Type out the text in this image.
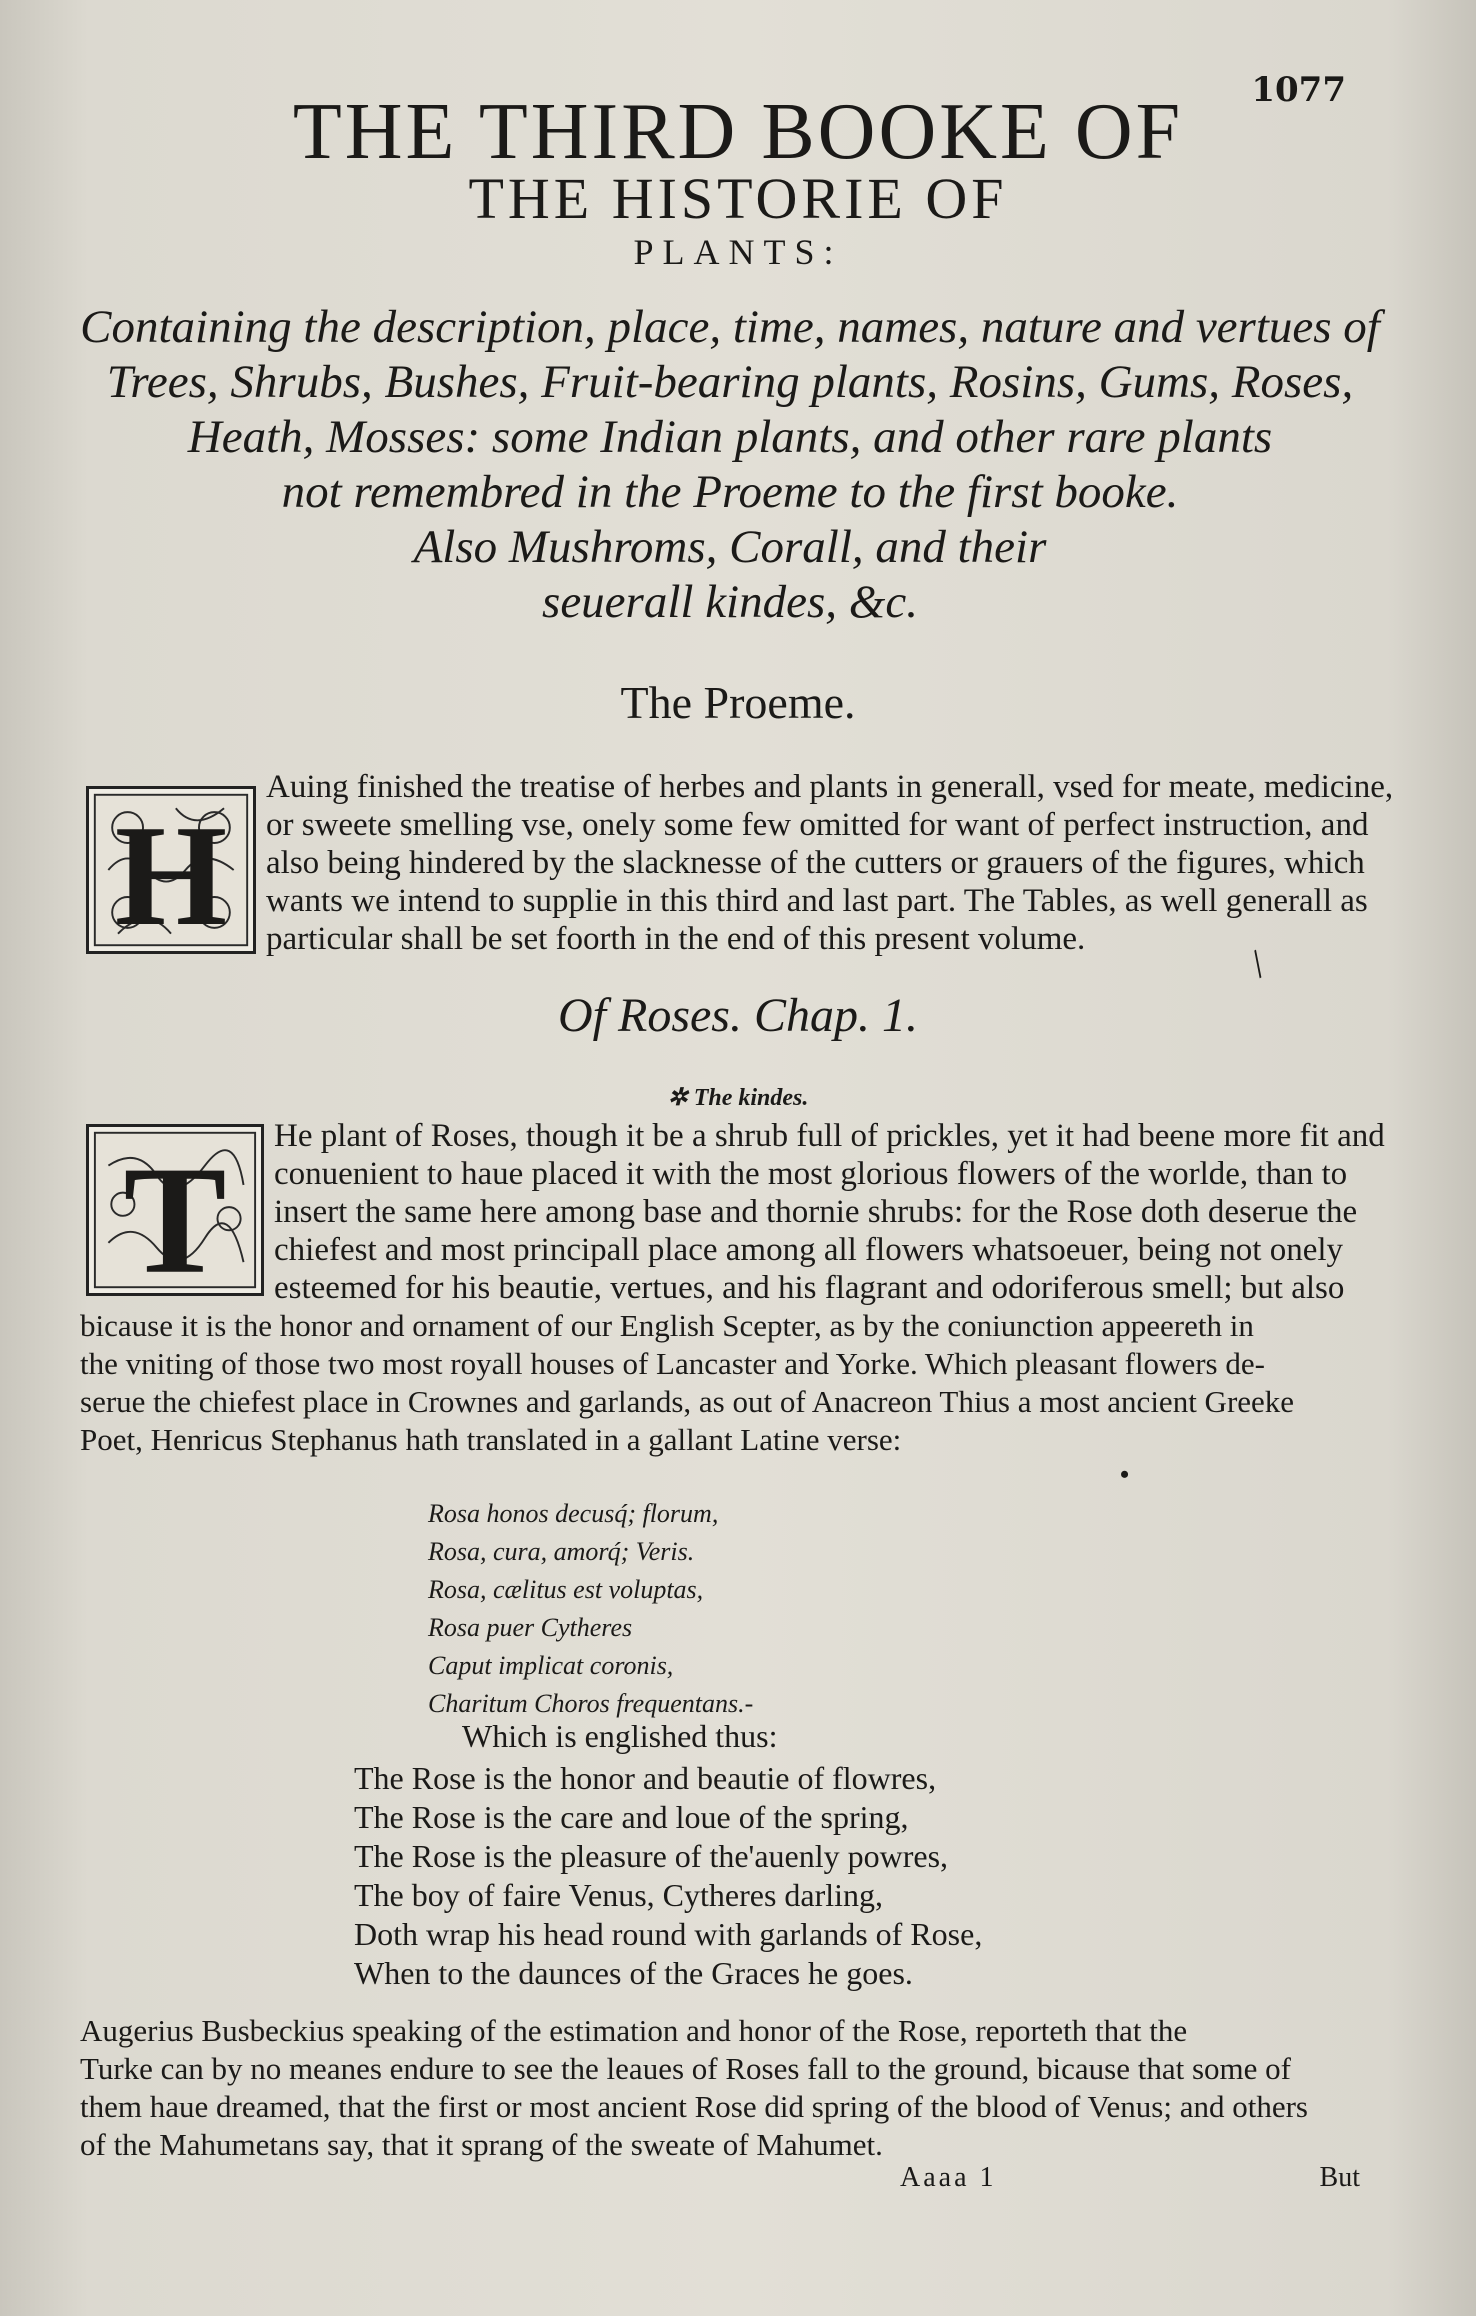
1077
THE THIRD BOOKE OF
THE HISTORIE OF
PLANTS:
Containing the description, place, time, names, nature and vertues of
Trees, Shrubs, Bushes, Fruit-bearing plants, Rosins, Gums, Roses,
Heath, Mosses: some Indian plants, and other rare plants
not remembred in the Proeme to the first booke.
Also Mushroms, Corall, and their
seuerall kindes, &c.
The Proeme.
H
Auing finished the treatise of herbes and plants in generall, vsed for meate, medicine,
or sweete smelling vse, onely some few omitted for want of perfect instruction, and
also being hindered by the slacknesse of the cutters or grauers of the figures, which
wants we intend to supplie in this third and last part. The Tables, as well generall as
particular shall be set foorth in the end of this present volume.
/
Of Roses. Chap. 1.
✲ The kindes.
T He plant of Roses, though it be a shrub full of prickles, yet it had beene more fit and
conuenient to haue placed it with the most glorious flowers of the worlde, than to
insert the same here among base and thornie shrubs: for the Rose doth deserue the
chiefest and most principall place among all flowers whatsoeuer, being not onely
esteemed for his beautie, vertues, and his flagrant and odoriferous smell; but also
bicause it is the honor and ornament of our English Scepter, as by the coniunction appeereth in
the vniting of those two most royall houses of Lancaster and Yorke. Which pleasant flowers de-
serue the chiefest place in Crownes and garlands, as out of Anacreon Thius a most ancient Greeke
Poet, Henricus Stephanus hath translated in a gallant Latine verse:
•
Rosa honos decusq́; florum,
Rosa, cura, amorq́; Veris.
Rosa, cælitus est voluptas,
Rosa puer Cytheres
Caput implicat coronis,
Charitum Choros frequentans.-
Which is englished thus:
The Rose is the honor and beautie of flowres,
The Rose is the care and loue of the spring,
The Rose is the pleasure of the'auenly powres,
The boy of faire Venus, Cytheres darling,
Doth wrap his head round with garlands of Rose,
When to the daunces of the Graces he goes.
Augerius Busbeckius speaking of the estimation and honor of the Rose, reporteth that the
Turke can by no meanes endure to see the leaues of Roses fall to the ground, bicause that some of
them haue dreamed, that the first or most ancient Rose did spring of the blood of Venus; and others
of the Mahumetans say, that it sprang of the sweate of Mahumet.
Aaaa 1	But
